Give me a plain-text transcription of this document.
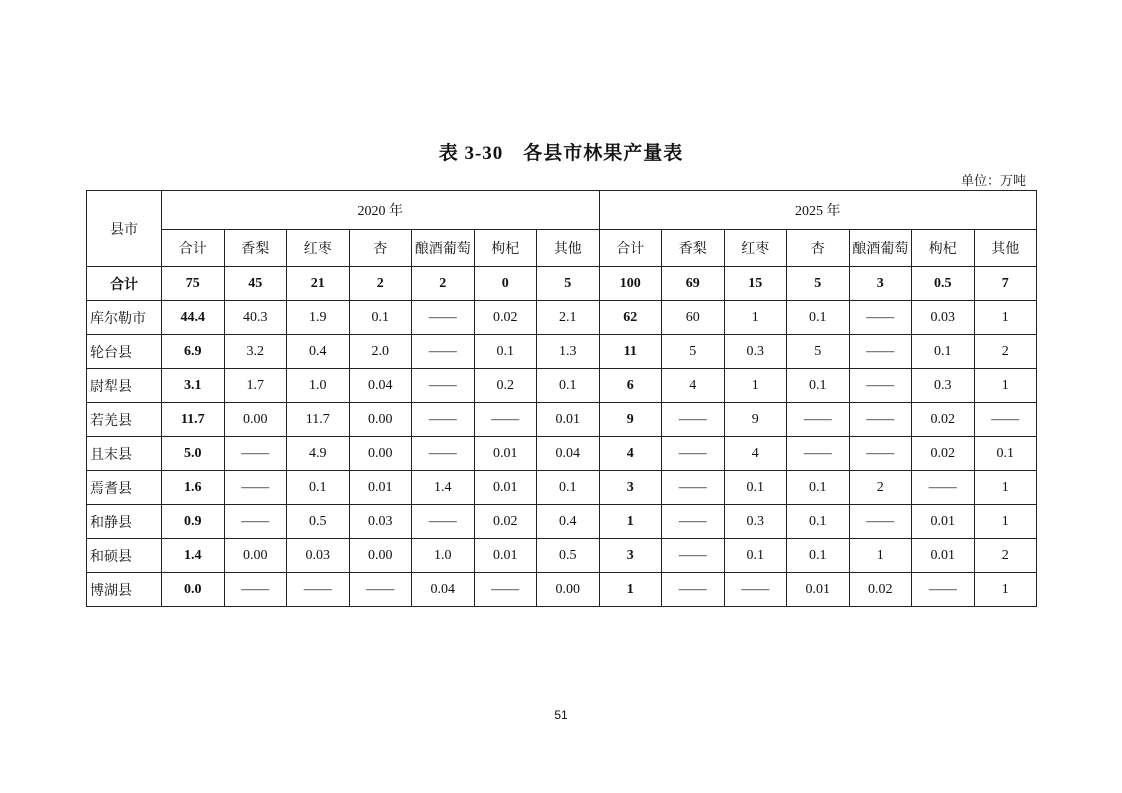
表 3-30　各县市林果产量表
单位：万吨
县市	2020 年							2025 年						
	合计	香梨	红枣	杏	酿酒葡萄	枸杞	其他	合计	香梨	红枣	杏	酿酒葡萄	枸杞	其他
合计	75	45	21	2	2	0	5	100	69	15	5	3	0.5	7
库尔勒市	44.4	40.3	1.9	0.1	——	0.02	2.1	62	60	1	0.1	——	0.03	1
轮台县	6.9	3.2	0.4	2.0	——	0.1	1.3	11	5	0.3	5	——	0.1	2
尉犁县	3.1	1.7	1.0	0.04	——	0.2	0.1	6	4	1	0.1	——	0.3	1
若羌县	11.7	0.00	11.7	0.00	——	——	0.01	9	——	9	——	——	0.02	——
且末县	5.0	——	4.9	0.00	——	0.01	0.04	4	——	4	——	——	0.02	0.1
焉耆县	1.6	——	0.1	0.01	1.4	0.01	0.1	3	——	0.1	0.1	2	——	1
和静县	0.9	——	0.5	0.03	——	0.02	0.4	1	——	0.3	0.1	——	0.01	1
和硕县	1.4	0.00	0.03	0.00	1.0	0.01	0.5	3	——	0.1	0.1	1	0.01	2
博湖县	0.0	——	——	——	0.04	——	0.00	1	——	——	0.01	0.02	——	1
51
